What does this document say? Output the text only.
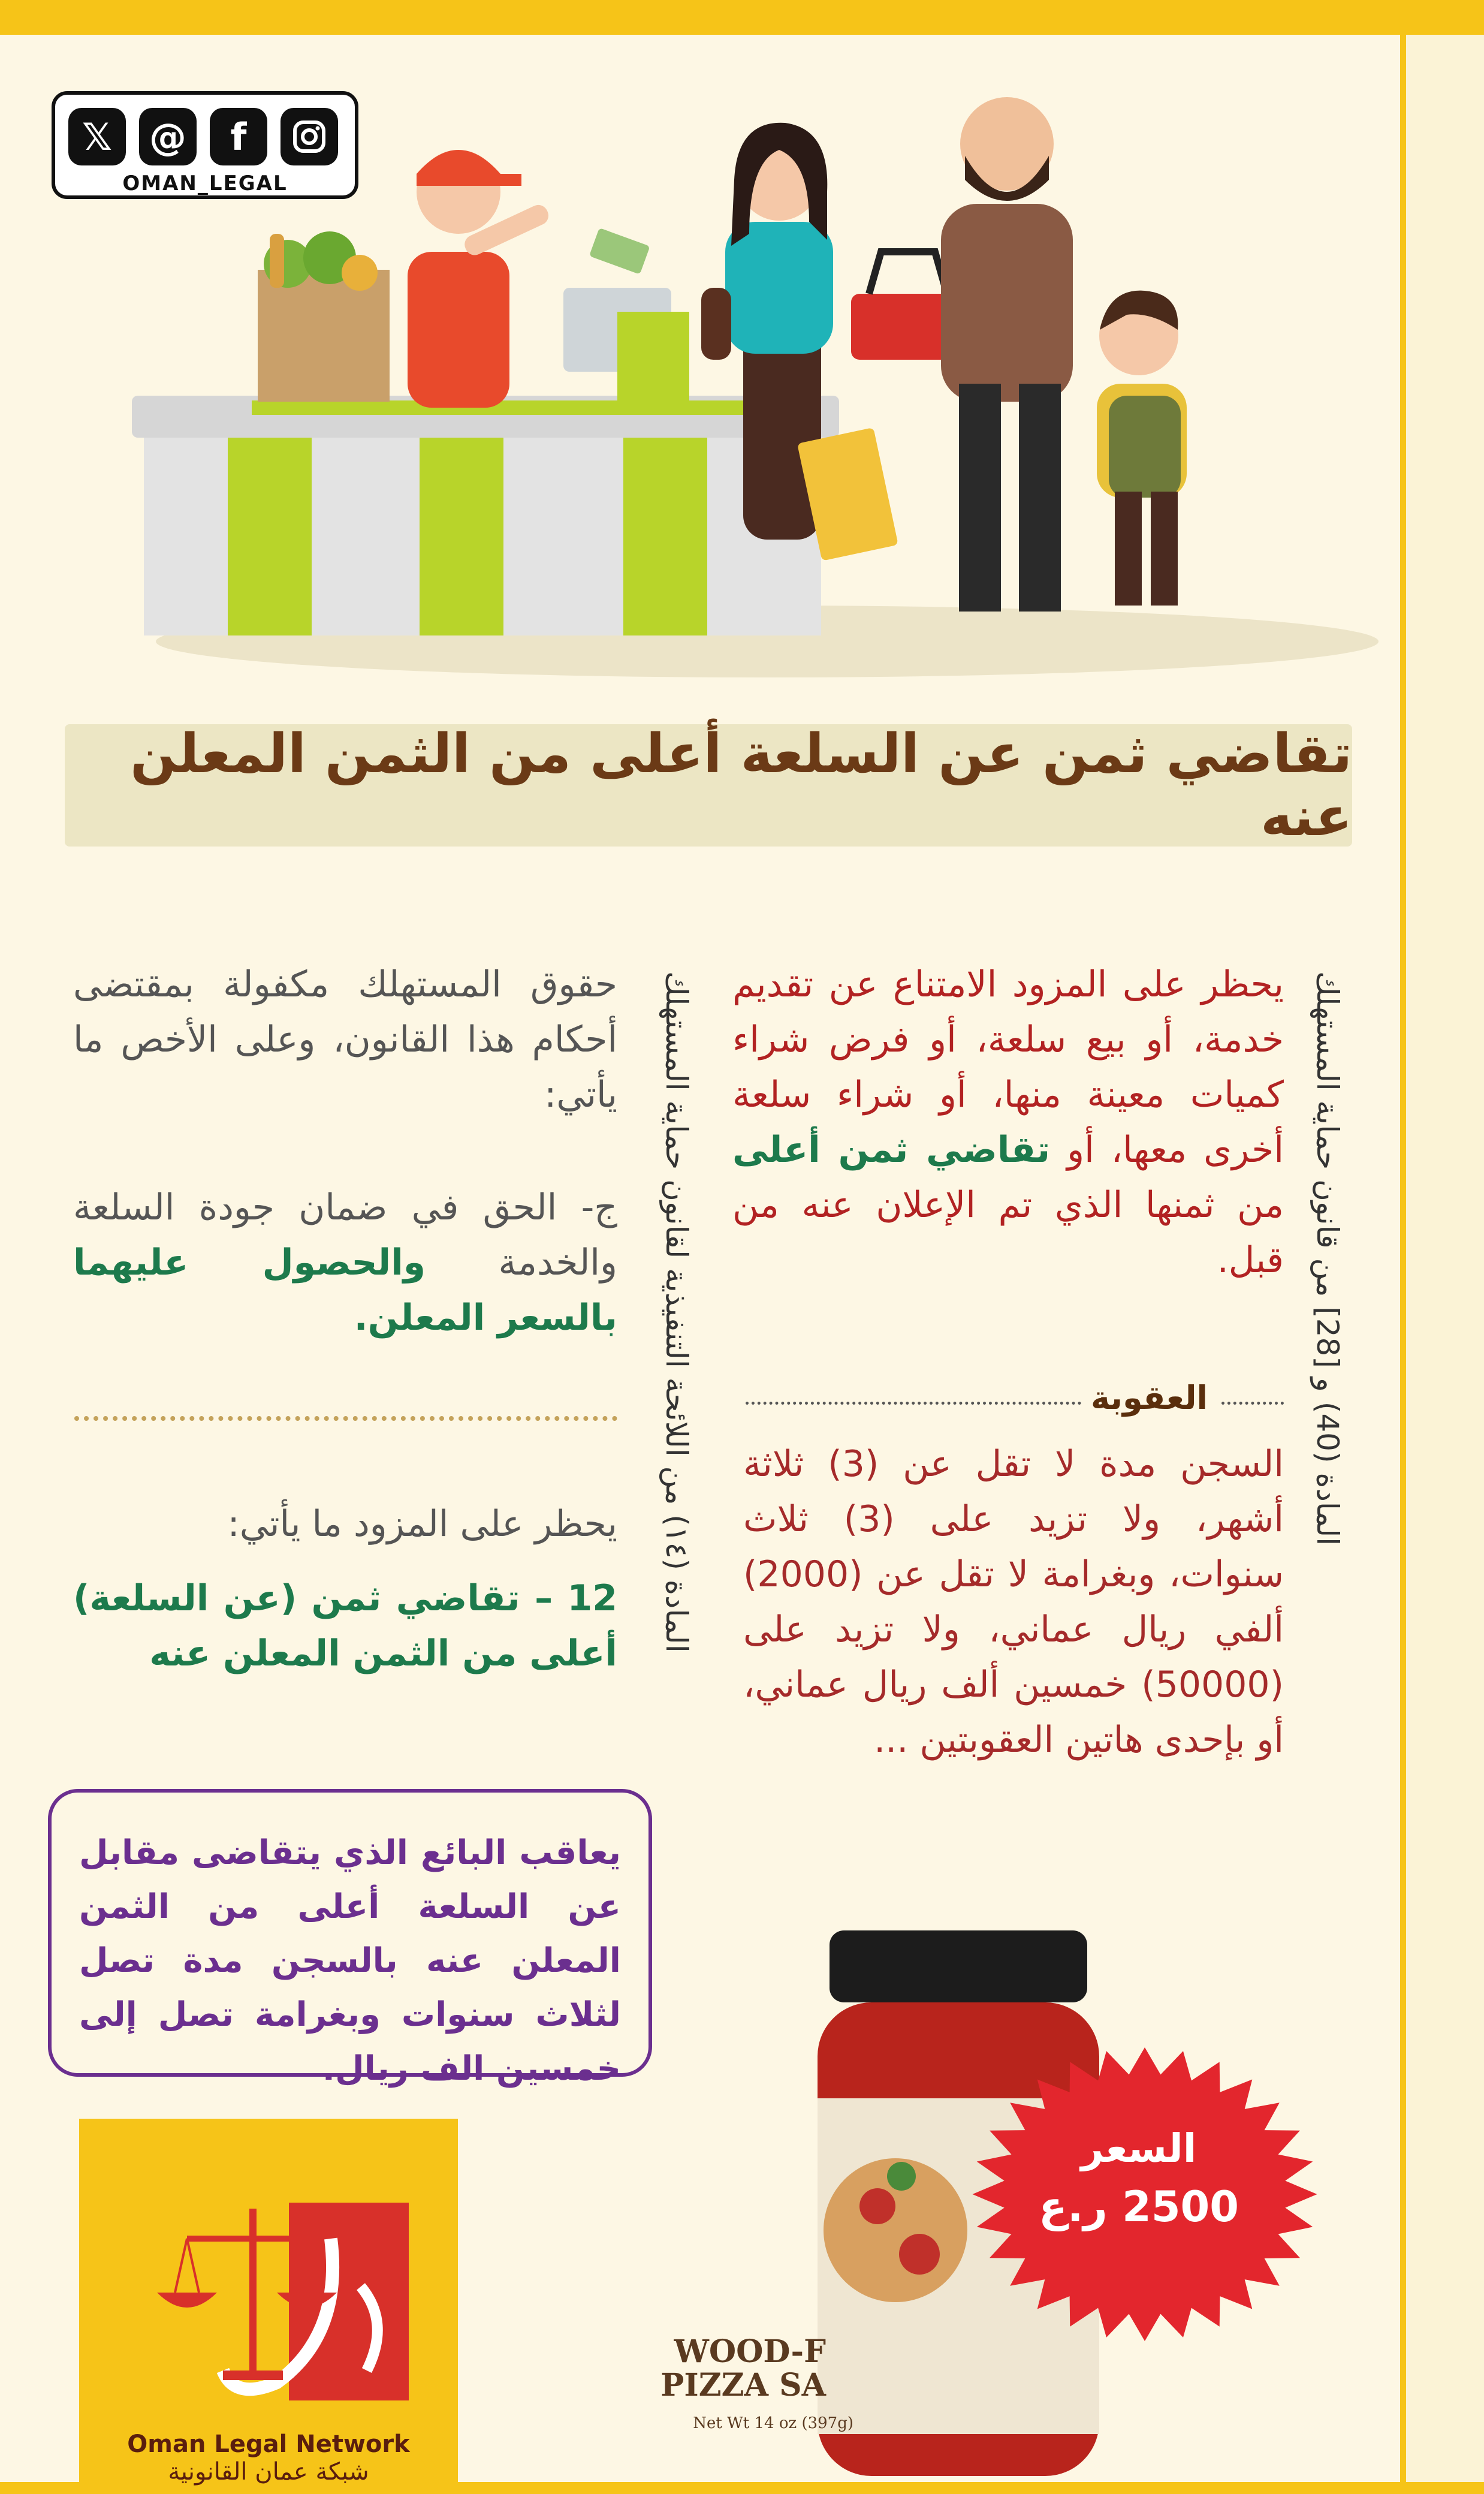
𝕏	@	f
OMAN_LEGAL
تقاضي ثمن عن السلعة أعلى من الثمن المعلن عنه
المادة (40) و [28] من قانون حماية المستهلك
يحظر على المزود الامتناع عن تقديم خدمة، أو بيع سلعة، أو فرض شراء كميات معينة منها، أو شراء سلعة أخرى معها، أو تقاضي ثمن أعلى من ثمنها الذي تم الإعلان عنه من قبل.
العقوبة
السجن مدة لا تقل عن (3) ثلاثة أشهر، ولا تزيد على (3) ثلاث سنوات، وبغرامة لا تقل عن (2000) ألفي ريال عماني، ولا تزيد على (50000) خمسين ألف ريال عماني، أو بإحدى هاتين العقوبتين ...
المادة (١٤) من اللائحة التنفيذية لقانون حماية المستهلك
حقوق المستهلك مكفولة بمقتضى أحكام هذا القانون، وعلى الأخص ما يأتي:
ج- الحق في ضمان جودة السلعة والخدمة والحصول عليهما بالسعر المعلن.
يحظر على المزود ما يأتي:
12 – تقاضي ثمن (عن السلعة) أعلى من الثمن المعلن عنه
يعاقب البائع الذي يتقاضى مقابل عن السلعة أعلى من الثمن المعلن عنه بالسجن مدة تصل لثلاث سنوات وبغرامة تصل إلى خمسين الف ريال.
Oman Legal Network
شبكة عمان القانونية
WOOD-F
PIZZA SA
Net Wt 14 oz (397g)
السعر
2500 ر.ع
